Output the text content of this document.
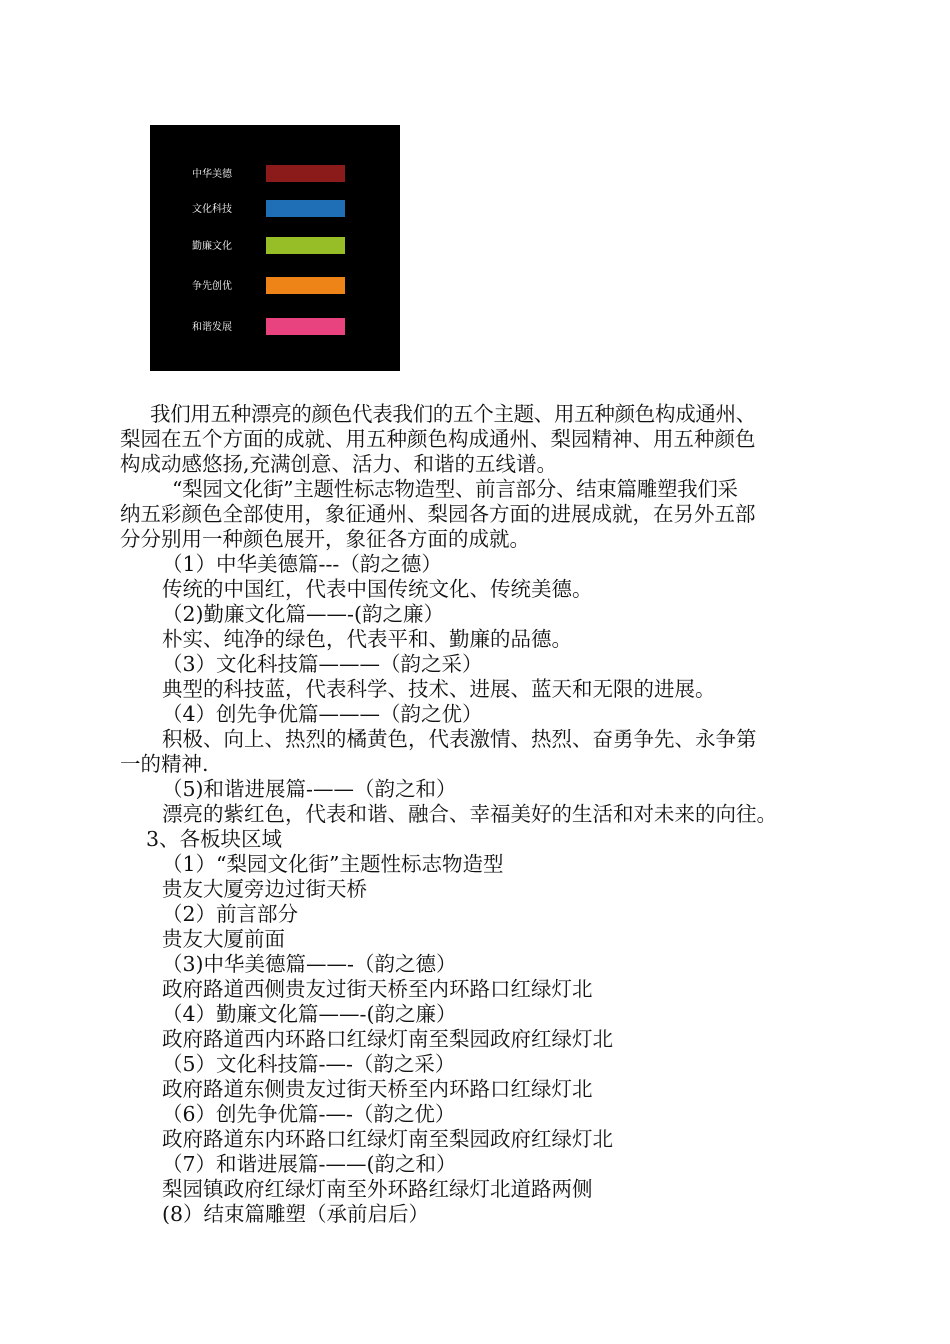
中华美德
文化科技
勤廉文化
争先创优
和谐发展
我们用五种漂亮的颜色代表我们的五个主题、用五种颜色构成通州、
梨园在五个方面的成就、用五种颜色构成通州、梨园精神、用五种颜色
构成动感悠扬,充满创意、活力、和谐的五线谱。
“梨园文化街”主题性标志物造型、前言部分、结束篇雕塑我们采
纳五彩颜色全部使用，象征通州、梨园各方面的进展成就，在另外五部
分分别用一种颜色展开，象征各方面的成就。
（1）中华美德篇---（韵之德）
传统的中国红，代表中国传统文化、传统美德。
（2)勤廉文化篇——-(韵之廉）
朴实、纯净的绿色，代表平和、勤廉的品德。
（3）文化科技篇———（韵之采）
典型的科技蓝，代表科学、技术、进展、蓝天和无限的进展。
（4）创先争优篇———（韵之优）
积极、向上、热烈的橘黄色，代表激情、热烈、奋勇争先、永争第
一的精神.
（5)和谐进展篇-——（韵之和）
漂亮的紫红色，代表和谐、融合、幸福美好的生活和对未来的向往。
3、各板块区域
（1）“梨园文化街”主题性标志物造型
贵友大厦旁边过街天桥
（2）前言部分
贵友大厦前面
（3)中华美德篇——-（韵之德）
政府路道西侧贵友过街天桥至内环路口红绿灯北
（4）勤廉文化篇——-(韵之廉）
政府路道西内环路口红绿灯南至梨园政府红绿灯北
（5）文化科技篇-—-（韵之采）
政府路道东侧贵友过街天桥至内环路口红绿灯北
（6）创先争优篇-—-（韵之优）
政府路道东内环路口红绿灯南至梨园政府红绿灯北
（7）和谐进展篇-——(韵之和）
梨园镇政府红绿灯南至外环路红绿灯北道路两侧
(8）结束篇雕塑（承前启后）
